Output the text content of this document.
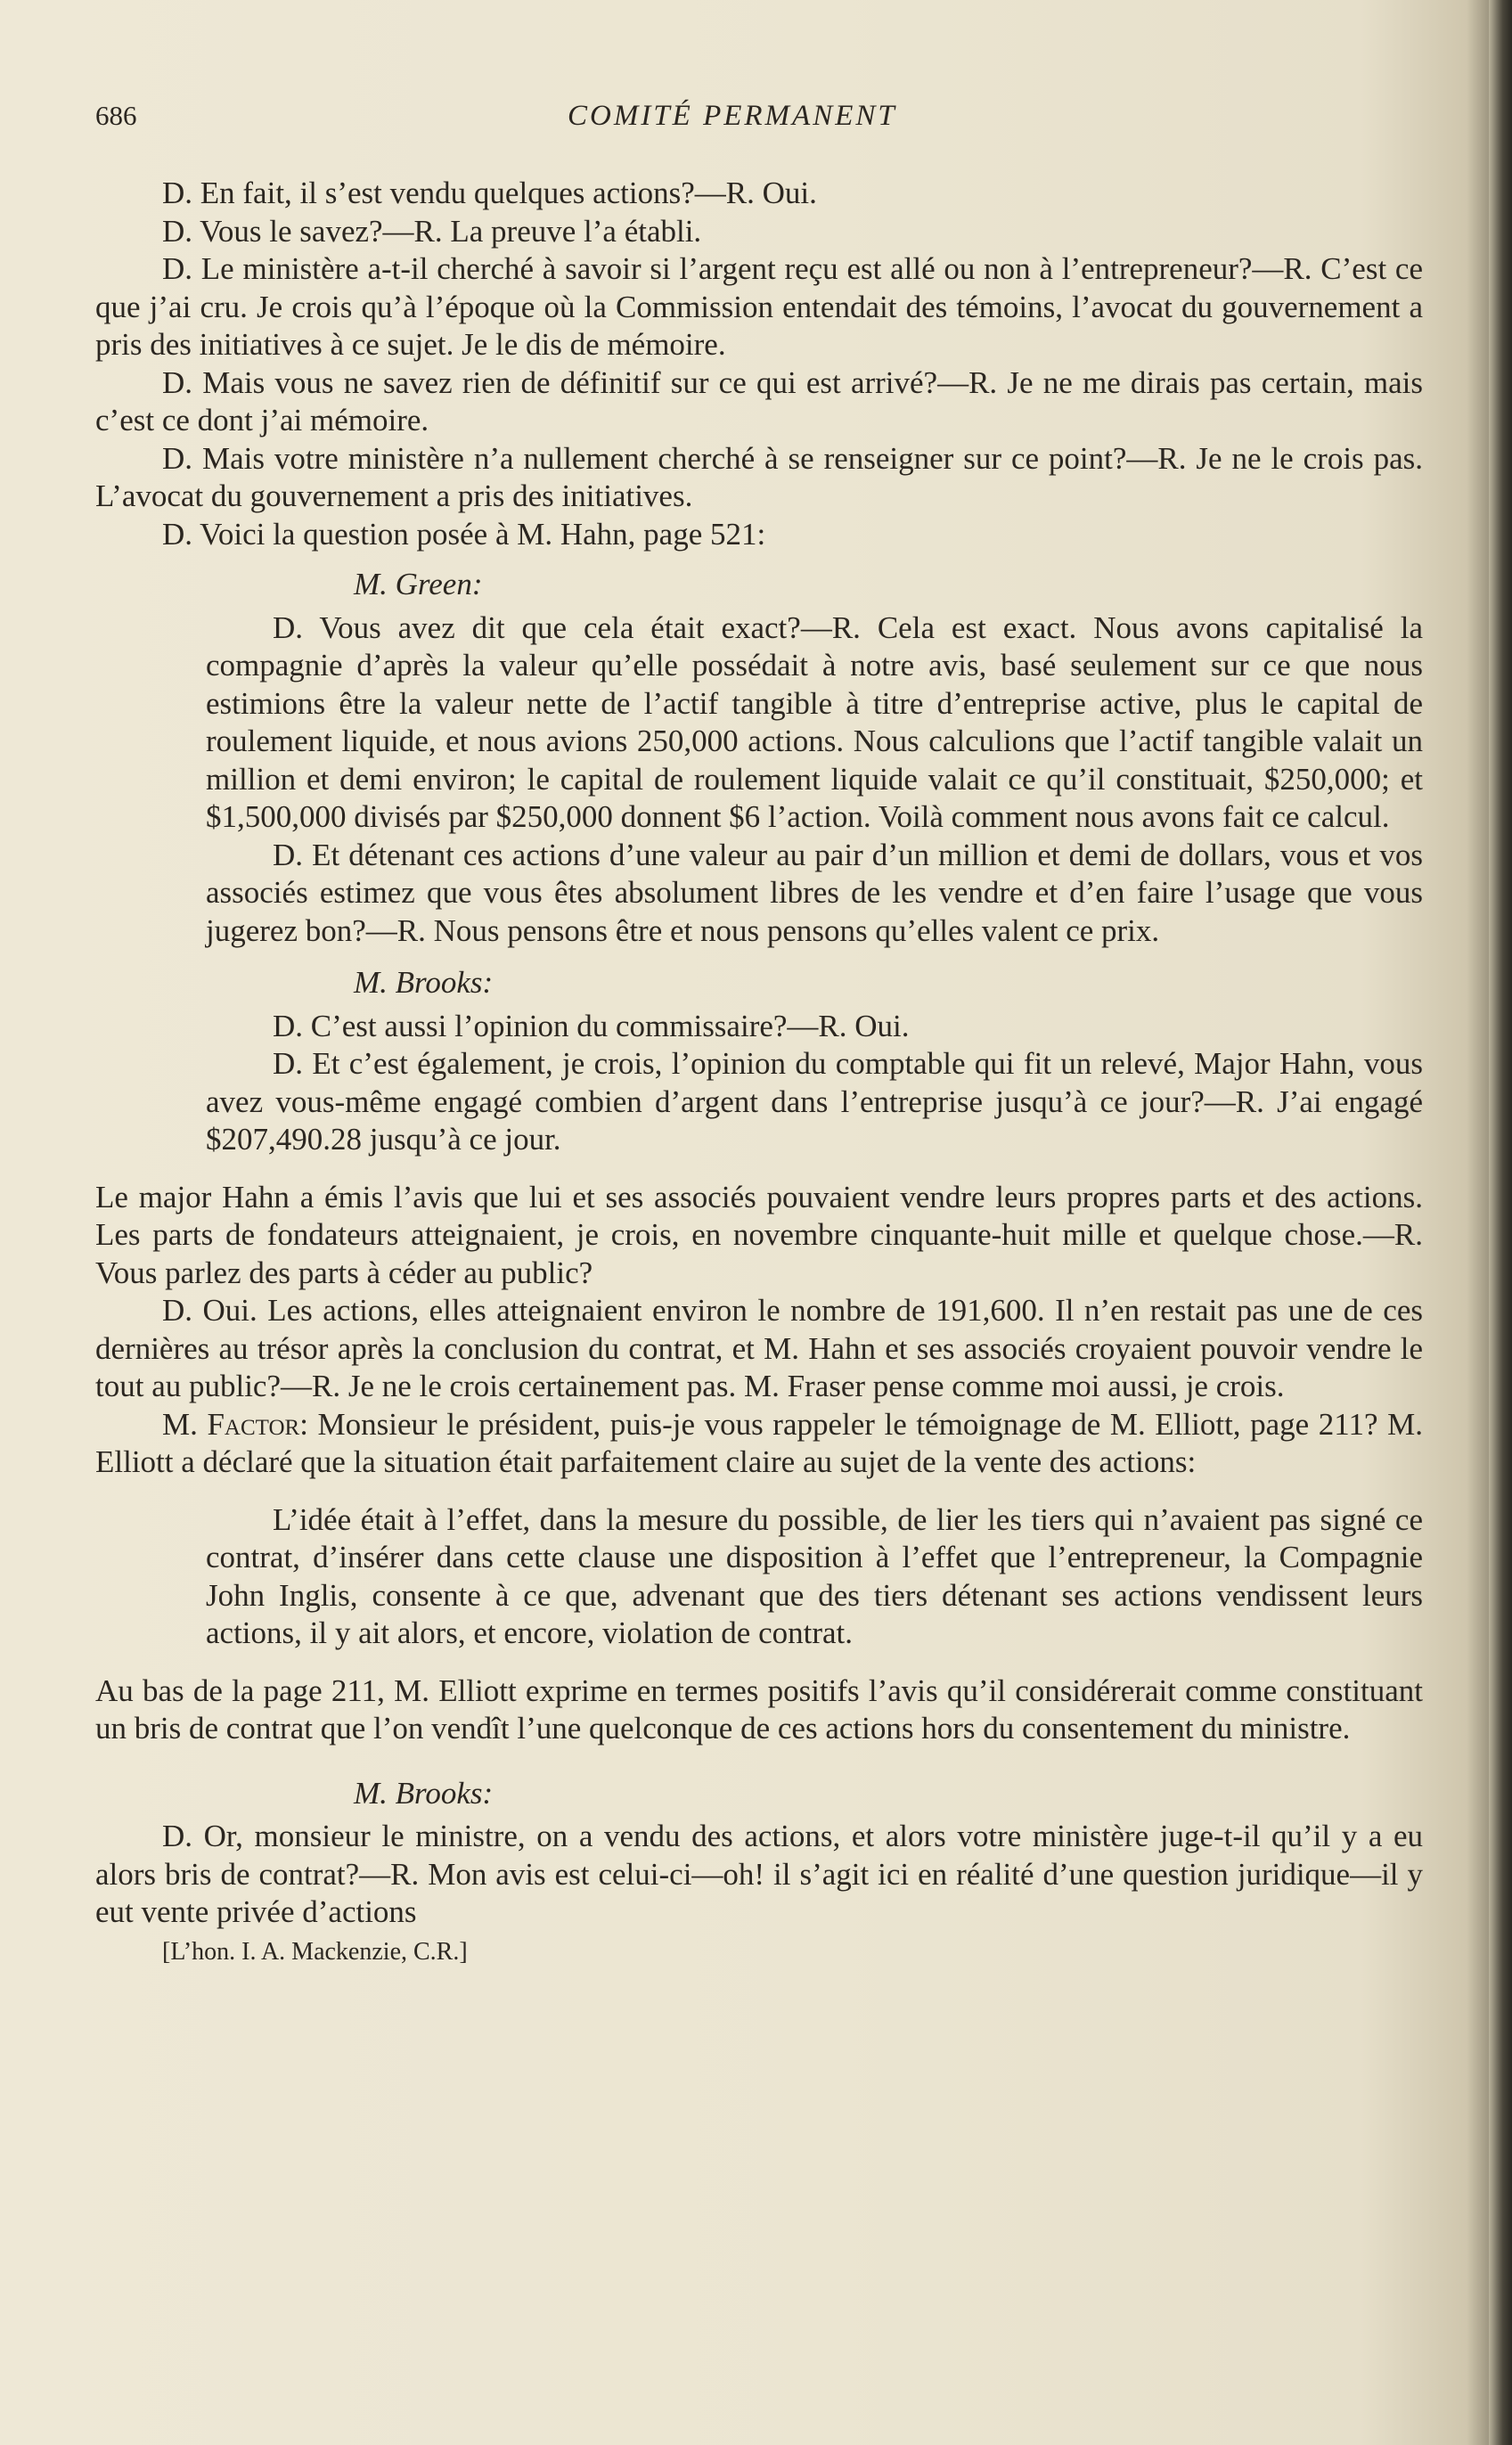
686	COMITÉ PERMANENT

D. En fait, il s’est vendu quelques actions?—R. Oui.

D. Vous le savez?—R. La preuve l’a établi.

D. Le ministère a-t-il cherché à savoir si l’argent reçu est allé ou non à l’entrepreneur?—R. C’est ce que j’ai cru. Je crois qu’à l’époque où la Commission entendait des témoins, l’avocat du gouvernement a pris des initiatives à ce sujet. Je le dis de mémoire.

D. Mais vous ne savez rien de définitif sur ce qui est arrivé?—R. Je ne me dirais pas certain, mais c’est ce dont j’ai mémoire.

D. Mais votre ministère n’a nullement cherché à se renseigner sur ce point?—R. Je ne le crois pas. L’avocat du gouvernement a pris des initiatives.

D. Voici la question posée à M. Hahn, page 521:

M. Green:

D. Vous avez dit que cela était exact?—R. Cela est exact. Nous avons capitalisé la compagnie d’après la valeur qu’elle possédait à notre avis, basé seulement sur ce que nous estimions être la valeur nette de l’actif tangible à titre d’entreprise active, plus le capital de roulement liquide, et nous avions 250,000 actions. Nous calculions que l’actif tangible valait un million et demi environ; le capital de roulement liquide valait ce qu’il constituait, $250,000; et $1,500,000 divisés par $250,000 donnent $6 l’action. Voilà comment nous avons fait ce calcul.

D. Et détenant ces actions d’une valeur au pair d’un million et demi de dollars, vous et vos associés estimez que vous êtes absolument libres de les vendre et d’en faire l’usage que vous jugerez bon?—R. Nous pensons être et nous pensons qu’elles valent ce prix.

M. Brooks:

D. C’est aussi l’opinion du commissaire?—R. Oui.

D. Et c’est également, je crois, l’opinion du comptable qui fit un relevé, Major Hahn, vous avez vous-même engagé combien d’argent dans l’entreprise jusqu’à ce jour?—R. J’ai engagé $207,490.28 jusqu’à ce jour.

Le major Hahn a émis l’avis que lui et ses associés pouvaient vendre leurs propres parts et des actions. Les parts de fondateurs atteignaient, je crois, en novembre cinquante-huit mille et quelque chose.—R. Vous parlez des parts à céder au public?

D. Oui. Les actions, elles atteignaient environ le nombre de 191,600. Il n’en restait pas une de ces dernières au trésor après la conclusion du contrat, et M. Hahn et ses associés croyaient pouvoir vendre le tout au public?—R. Je ne le crois certainement pas. M. Fraser pense comme moi aussi, je crois.

M. Factor: Monsieur le président, puis-je vous rappeler le témoignage de M. Elliott, page 211? M. Elliott a déclaré que la situation était parfaitement claire au sujet de la vente des actions:

L’idée était à l’effet, dans la mesure du possible, de lier les tiers qui n’avaient pas signé ce contrat, d’insérer dans cette clause une disposition à l’effet que l’entrepreneur, la Compagnie John Inglis, consente à ce que, advenant que des tiers détenant ses actions vendissent leurs actions, il y ait alors, et encore, violation de contrat.

Au bas de la page 211, M. Elliott exprime en termes positifs l’avis qu’il considérerait comme constituant un bris de contrat que l’on vendît l’une quelconque de ces actions hors du consentement du ministre.

M. Brooks:

D. Or, monsieur le ministre, on a vendu des actions, et alors votre ministère juge-t-il qu’il y a eu alors bris de contrat?—R. Mon avis est celui-ci—oh! il s’agit ici en réalité d’une question juridique—il y eut vente privée d’actions

[L’hon. I. A. Mackenzie, C.R.]
